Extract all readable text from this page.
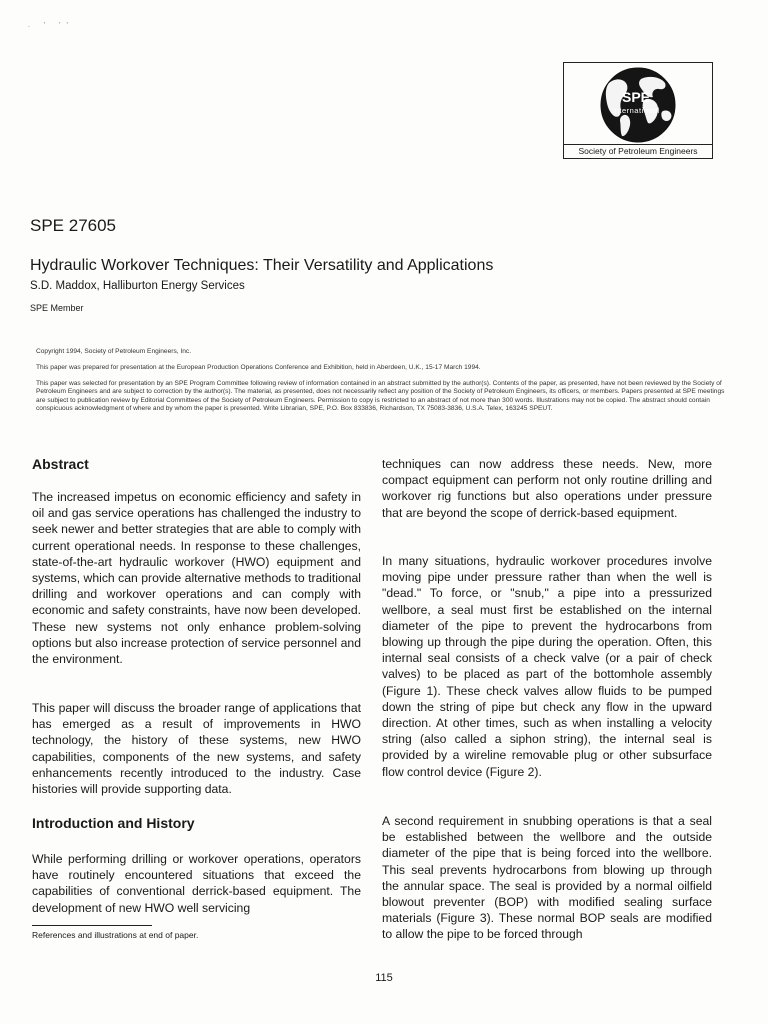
. ' ''
SPE
International
Society of Petroleum Engineers
SPE 27605
Hydraulic Workover Techniques: Their Versatility and Applications
S.D. Maddox, Halliburton Energy Services
SPE Member
Copyright 1994, Society of Petroleum Engineers, Inc.
This paper was prepared for presentation at the European Production Operations Conference and Exhibition, held in Aberdeen, U.K., 15-17 March 1994.
This paper was selected for presentation by an SPE Program Committee following review of information contained in an abstract submitted by the author(s). Contents of the paper, as presented, have not been reviewed by the Society of Petroleum Engineers and are subject to correction by the author(s). The material, as presented, does not necessarily reflect any position of the Society of Petroleum Engineers, its officers, or members. Papers presented at SPE meetings are subject to publication review by Editorial Committees of the Society of Petroleum Engineers. Permission to copy is restricted to an abstract of not more than 300 words. Illustrations may not be copied. The abstract should contain conspicuous acknowledgment of where and by whom the paper is presented. Write Librarian, SPE, P.O. Box 833836, Richardson, TX 75083-3836, U.S.A. Telex, 163245 SPEUT.
Abstract

The increased impetus on economic efficiency and safety in oil and gas service operations has challenged the industry to seek newer and better strategies that are able to comply with current operational needs. In response to these challenges, state-of-the-art hydraulic workover (HWO) equipment and systems, which can provide alternative methods to traditional drilling and workover operations and can comply with economic and safety constraints, have now been developed. These new systems not only enhance problem-solving options but also increase protection of service personnel and the environment.

This paper will discuss the broader range of applications that has emerged as a result of improvements in HWO technology, the history of these systems, new HWO capabilities, components of the new systems, and safety enhancements recently introduced to the industry. Case histories will provide supporting data.

Introduction and History

While performing drilling or workover operations, operators have routinely encountered situations that exceed the capabilities of conventional derrick-based equipment. The development of new HWO well servicing

References and illustrations at end of paper.

techniques can now address these needs. New, more compact equipment can perform not only routine drilling and workover rig functions but also operations under pressure that are beyond the scope of derrick-based equipment.

In many situations, hydraulic workover procedures involve moving pipe under pressure rather than when the well is "dead." To force, or "snub," a pipe into a pressurized wellbore, a seal must first be established on the internal diameter of the pipe to prevent the hydrocarbons from blowing up through the pipe during the operation. Often, this internal seal consists of a check valve (or a pair of check valves) to be placed as part of the bottomhole assembly (Figure 1). These check valves allow fluids to be pumped down the string of pipe but check any flow in the upward direction. At other times, such as when installing a velocity string (also called a siphon string), the internal seal is provided by a wireline removable plug or other subsurface flow control device (Figure 2).

A second requirement in snubbing operations is that a seal be established between the wellbore and the outside diameter of the pipe that is being forced into the wellbore. This seal prevents hydrocarbons from blowing up through the annular space. The seal is provided by a normal oilfield blowout preventer (BOP) with modified sealing surface materials (Figure 3). These normal BOP seals are modified to allow the pipe to be forced through

115
